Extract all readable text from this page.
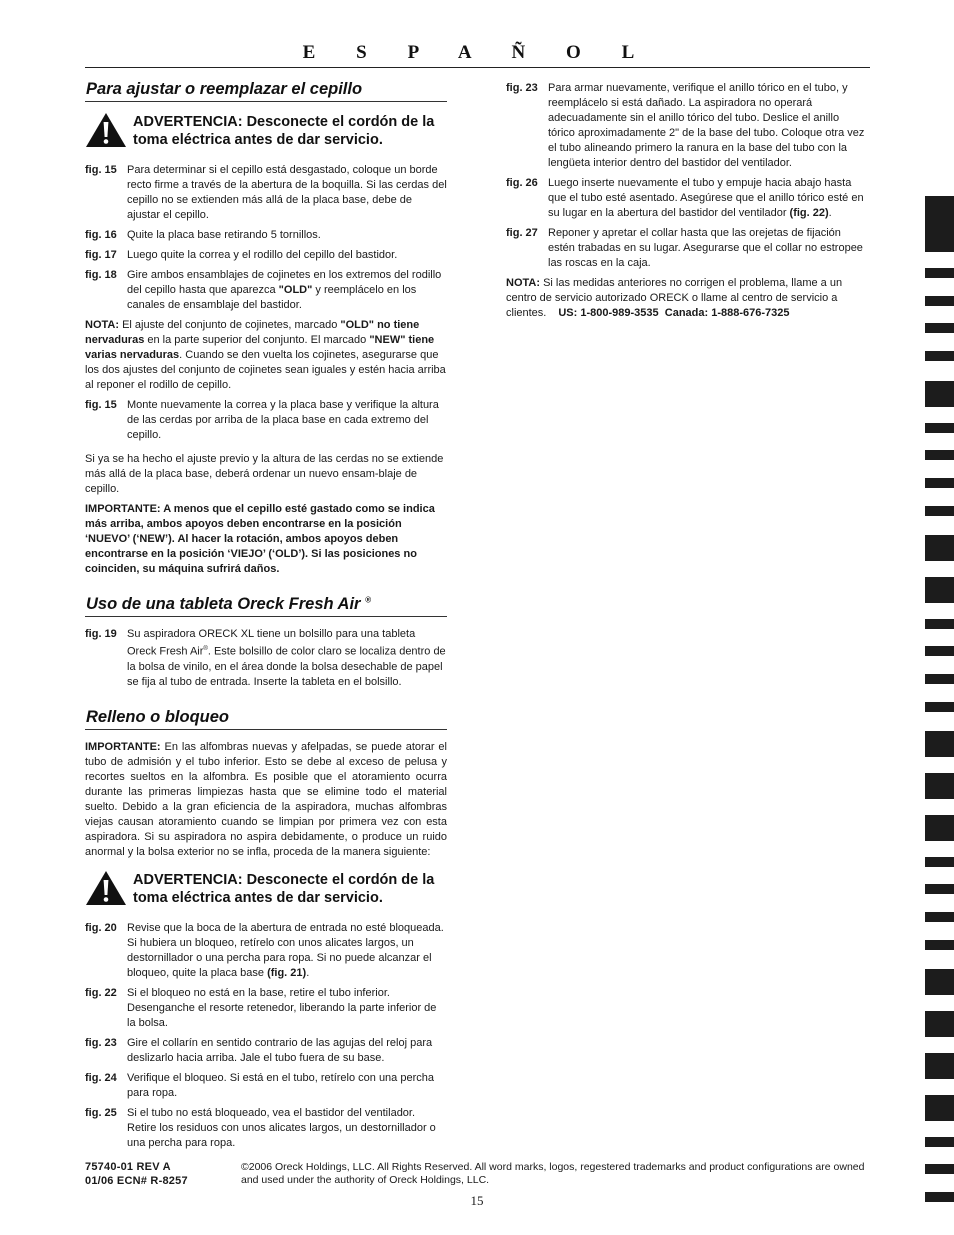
E S P A Ñ O L
Para ajustar o reemplazar el cepillo
ADVERTENCIA: Desconecte el cordón de la toma eléctrica antes de dar servicio.
fig. 15 Para determinar si el cepillo está desgastado, coloque un borde recto firme a través de la abertura de la boquilla. Si las cerdas del cepillo no se extienden más allá de la placa base, debe de ajustar el cepillo.
fig. 16 Quite la placa base retirando 5 tornillos.
fig. 17 Luego quite la correa y el rodillo del cepillo del bastidor.
fig. 18 Gire ambos ensamblajes de cojinetes en los extremos del rodillo del cepillo hasta que aparezca "OLD" y reemplácelo en los canales de ensamblaje del bastidor.
NOTA: El ajuste del conjunto de cojinetes, marcado "OLD" no tiene nervaduras en la parte superior del conjunto. El marcado "NEW" tiene varias nervaduras. Cuando se den vuelta los cojinetes, asegurarse que los dos ajustes del conjunto de cojinetes sean iguales y estén hacia arriba al reponer el rodillo de cepillo.
fig. 15 Monte nuevamente la correa y la placa base y verifique la altura de las cerdas por arriba de la placa base en cada extremo del cepillo.
Si ya se ha hecho el ajuste previo y la altura de las cerdas no se extiende más allá de la placa base, deberá ordenar un nuevo ensam-blaje de cepillo.
IMPORTANTE: A menos que el cepillo esté gastado como se indica más arriba, ambos apoyos deben encontrarse en la posición ‘NUEVO’ (‘NEW’). Al hacer la rotación, ambos apoyos deben encontrarse en la posición ‘VIEJO’ (‘OLD’). Si las posiciones no coinciden, su máquina sufrirá daños.
Uso de una tableta Oreck Fresh Air ®
fig. 19 Su aspiradora ORECK XL tiene un bolsillo para una tableta Oreck Fresh Air®. Este bolsillo de color claro se localiza dentro de la bolsa de vinilo, en el área donde la bolsa desechable de papel se fija al tubo de entrada. Inserte la tableta en el bolsillo.
Relleno o bloqueo
IMPORTANTE: En las alfombras nuevas y afelpadas, se puede atorar el tubo de admisión y el tubo inferior. Esto se debe al exceso de pelusa y recortes sueltos en la alfombra. Es posible que el atoramiento ocurra durante las primeras limpiezas hasta que se elimine todo el material suelto. Debido a la gran eficiencia de la aspiradora, muchas alfombras viejas causan atoramiento cuando se limpian por primera vez con esta aspiradora. Si su aspiradora no aspira debidamente, o produce un ruido anormal y la bolsa exterior no se infla, proceda de la manera siguiente:
ADVERTENCIA: Desconecte el cordón de la toma eléctrica antes de dar servicio.
fig. 20 Revise que la boca de la abertura de entrada no esté bloqueada. Si hubiera un bloqueo, retírelo con unos alicates largos, un destornillador o una percha para ropa. Si no puede alcanzar el bloqueo, quite la placa base (fig. 21).
fig. 22 Si el bloqueo no está en la base, retire el tubo inferior. Desenganche el resorte retenedor, liberando la parte inferior de la bolsa.
fig. 23 Gire el collarín en sentido contrario de las agujas del reloj para deslizarlo hacia arriba. Jale el tubo fuera de su base.
fig. 24 Verifique el bloqueo. Si está en el tubo, retírelo con una percha para ropa.
fig. 25 Si el tubo no está bloqueado, vea el bastidor del ventilador. Retire los residuos con unos alicates largos, un destornillador o una percha para ropa.
fig. 23 Para armar nuevamente, verifique el anillo tórico en el tubo, y reemplácelo si está dañado. La aspiradora no operará adecuadamente sin el anillo tórico del tubo. Deslice el anillo tórico aproximadamente 2" de la base del tubo. Coloque otra vez el tubo alineando primero la ranura en la base del tubo con la lengüeta interior dentro del bastidor del ventilador.
fig. 26 Luego inserte nuevamente el tubo y empuje hacia abajo hasta que el tubo esté asentado. Asegúrese que el anillo tórico esté en su lugar en la abertura del bastidor del ventilador (fig. 22).
fig. 27 Reponer y apretar el collar hasta que las orejetas de fijación estén trabadas en su lugar. Asegurarse que el collar no estropee las roscas en la caja.
NOTA: Si las medidas anteriores no corrigen el problema, llame a un centro de servicio autorizado ORECK o llame al centro de servicio a clientes. US: 1-800-989-3535  Canada: 1-888-676-7325
75740-01 REV A
01/06 ECN# R-8257
©2006 Oreck Holdings, LLC. All Rights Reserved. All word marks, logos, regestered trademarks and product configurations are owned and used under the authority of Oreck Holdings, LLC.
15
